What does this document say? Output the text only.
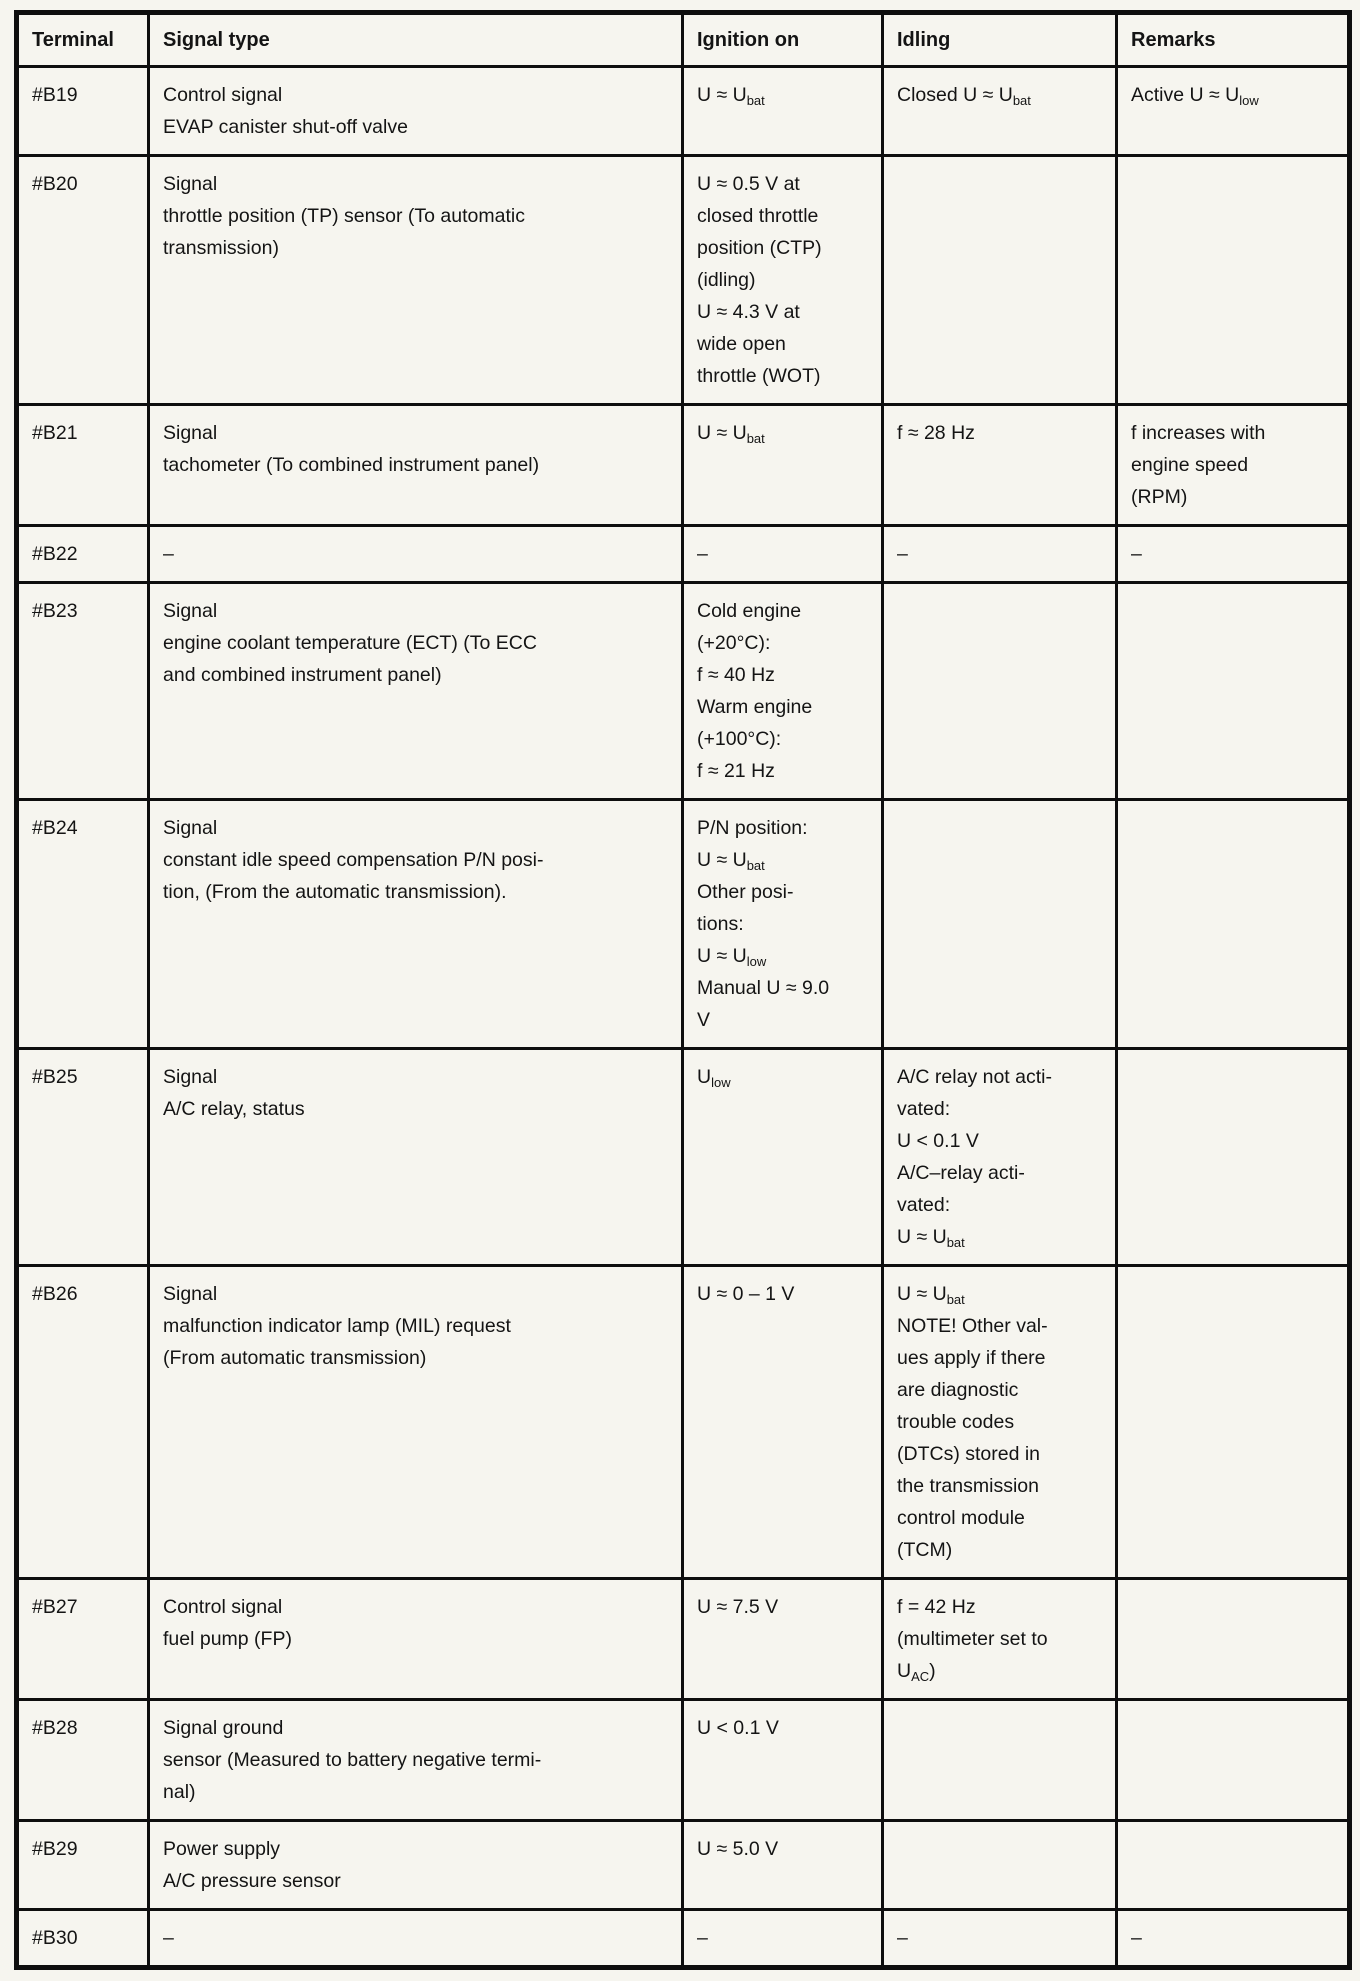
Terminal	Signal type	Ignition on	Idling	Remarks
#B19	Control signal
EVAP canister shut-off valve	$U \approx U_{bat}$	Closed $U \approx U_{bat}$	Active $U \approx U_{low}$
#B20	Signal
throttle position (TP) sensor (To automatic
transmission)	U ≈ 0.5 V at
closed throttle
position (CTP)
(idling)
U ≈ 4.3 V at
wide open
throttle (WOT)		
#B21	Signal
tachometer (To combined instrument panel)	$U \approx U_{bat}$	f ≈ 28 Hz	f increases with
engine speed
(RPM)
#B22	–	–	–	–
#B23	Signal
engine coolant temperature (ECT) (To ECC
and combined instrument panel)	Cold engine
(+20°C):
f ≈ 40 Hz
Warm engine
(+100°C):
f ≈ 21 Hz		
#B24	Signal
constant idle speed compensation P/N posi-
tion, (From the automatic transmission).	P/N position:
$U \approx U_{bat}$
Other posi-
tions:
$U \approx U_{low}$
Manual U ≈ 9.0
V		
#B25	Signal
A/C relay, status	$U_{low}$	A/C relay not acti-
vated:
U < 0.1 V
A/C–relay acti-
vated:
$U \approx U_{bat}$	
#B26	Signal
malfunction indicator lamp (MIL) request
(From automatic transmission)	U ≈ 0 – 1 V	$U \approx U_{bat}$
NOTE! Other val-
ues apply if there
are diagnostic
trouble codes
(DTCs) stored in
the transmission
control module
(TCM)	
#B27	Control signal
fuel pump (FP)	U ≈ 7.5 V	f = 42 Hz
(multimeter set to
$U_{AC}$)	
#B28	Signal ground
sensor (Measured to battery negative termi-
nal)	U < 0.1 V		
#B29	Power supply
A/C pressure sensor	U ≈ 5.0 V		
#B30	–	–	–	–
